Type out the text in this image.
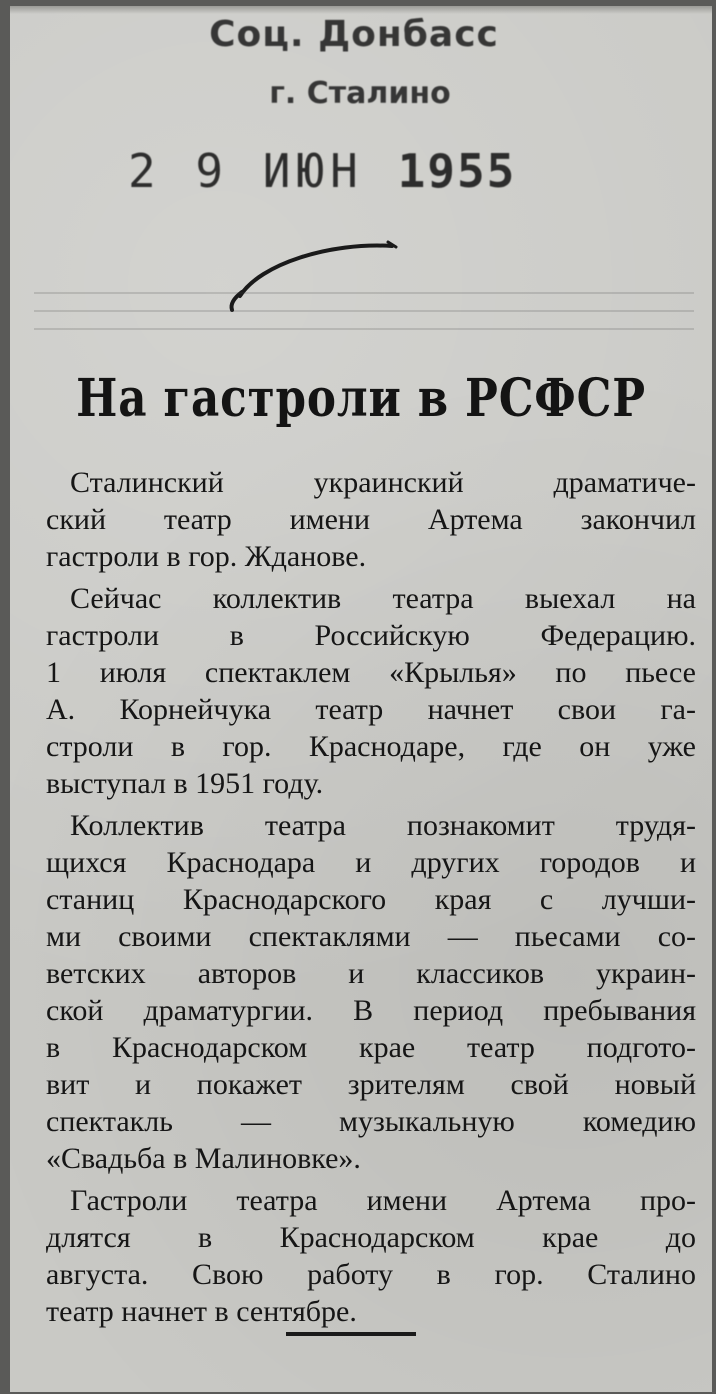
Соц. Донбасс
г. Сталино
2 9 ИЮН 1955
На гастроли в РСФСР
Сталинский украинский драматиче-
ский театр имени Артема закончил
гастроли в гор. Жданове.
Сейчас коллектив театра выехал на
гастроли в Российскую Федерацию.
1 июля спектаклем «Крылья» по пьесе
А. Корнейчука театр начнет свои га-
строли в гор. Краснодаре, где он уже
выступал в 1951 году.
Коллектив театра познакомит трудя-
щихся Краснодара и других городов и
станиц Краснодарского края с лучши-
ми своими спектаклями — пьесами со-
ветских авторов и классиков украин-
ской драматургии. В период пребывания
в Краснодарском крае театр подгото-
вит и покажет зрителям свой новый
спектакль — музыкальную комедию
«Свадьба в Малиновке».
Гастроли театра имени Артема про-
длятся в Краснодарском крае до
августа. Свою работу в гор. Сталино
театр начнет в сентябре.
